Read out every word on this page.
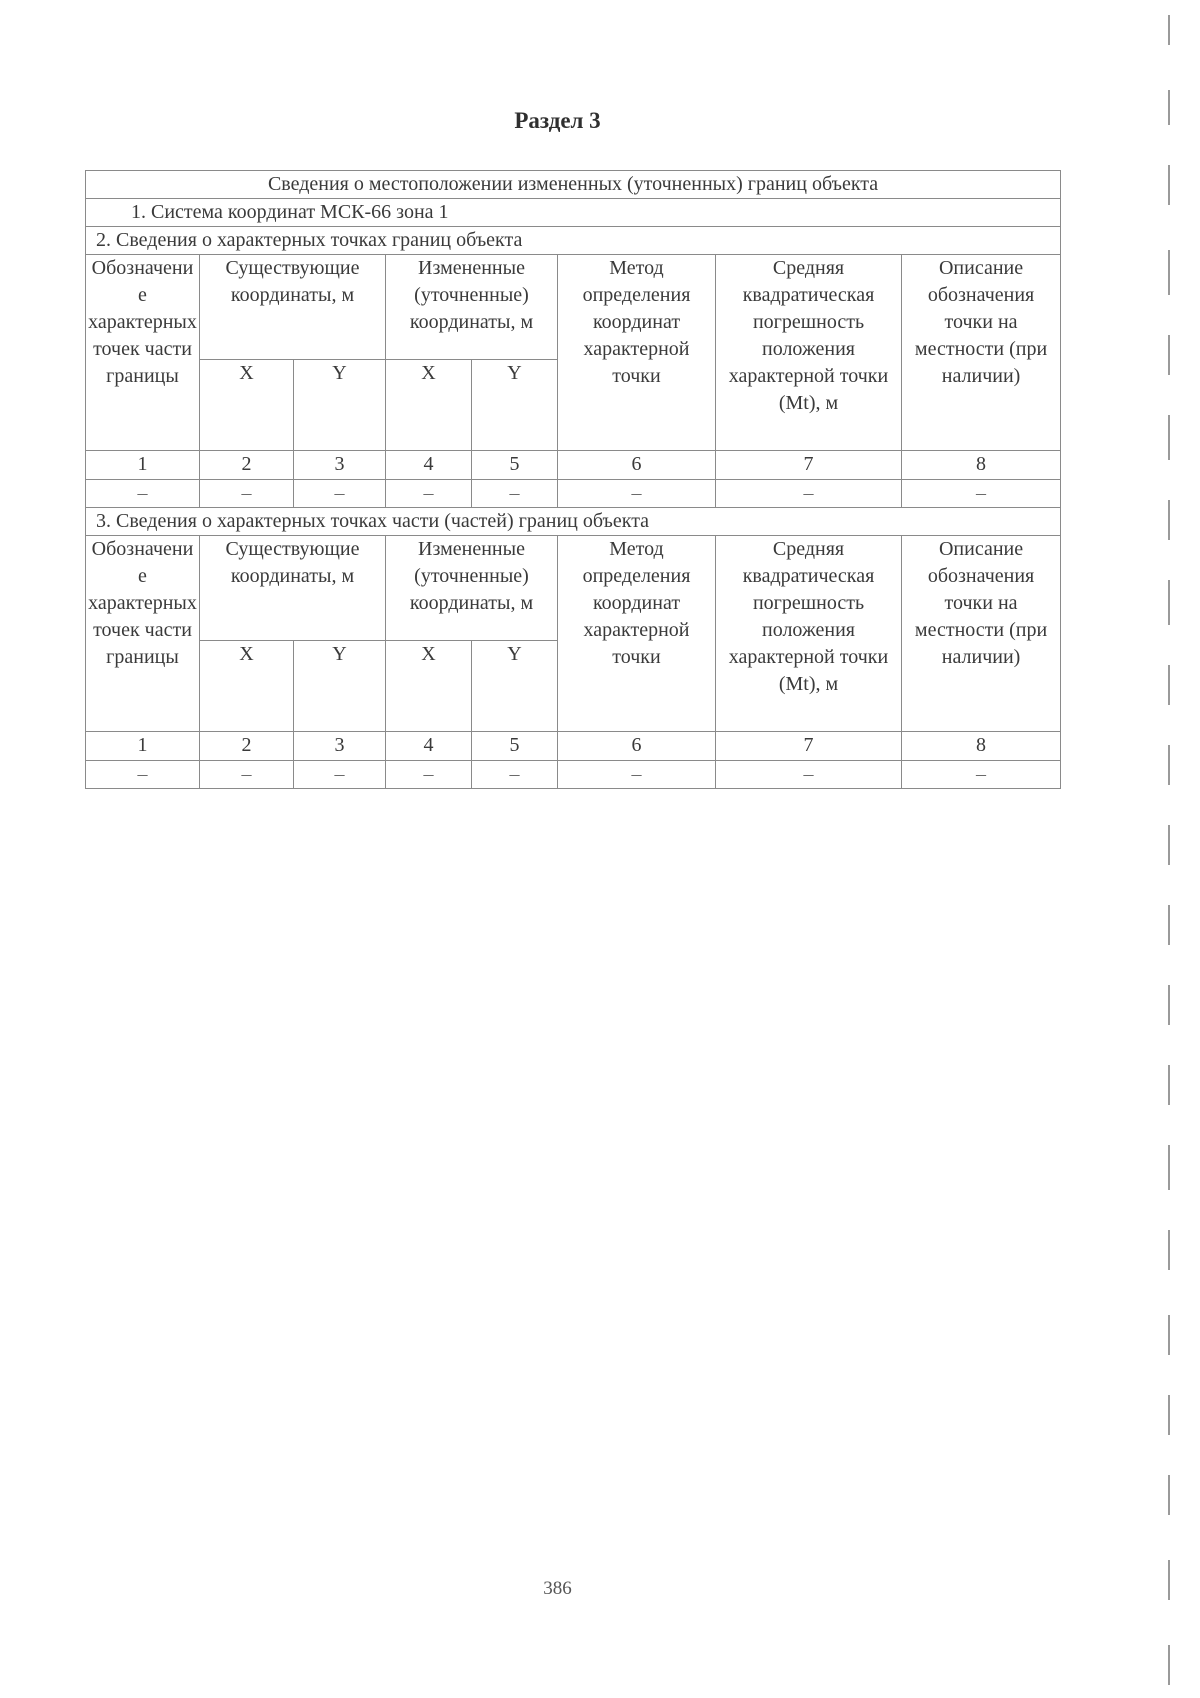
Раздел 3
Сведения о местоположении измененных (уточненных) границ объекта							
1. Система координат МСК-66 зона 1							
2. Сведения о характерных точках границ объекта							
Обозначение характерных точек части границы	Существующие координаты, м		Измененные (уточненные) координаты, м		Метод определения координат характерной точки	Средняя квадратическая погрешность положения характерной точки (Mt), м	Описание обозначения точки на местности (при наличии)
	X	Y	X	Y			
1	2	3	4	5	6	7	8
–	–	–	–	–	–	–	–
3. Сведения о характерных точках части (частей) границ объекта							
Обозначение характерных точек части границы	Существующие координаты, м		Измененные (уточненные) координаты, м		Метод определения координат характерной точки	Средняя квадратическая погрешность положения характерной точки (Mt), м	Описание обозначения точки на местности (при наличии)
	X	Y	X	Y			
1	2	3	4	5	6	7	8
–	–	–	–	–	–	–	–
386
